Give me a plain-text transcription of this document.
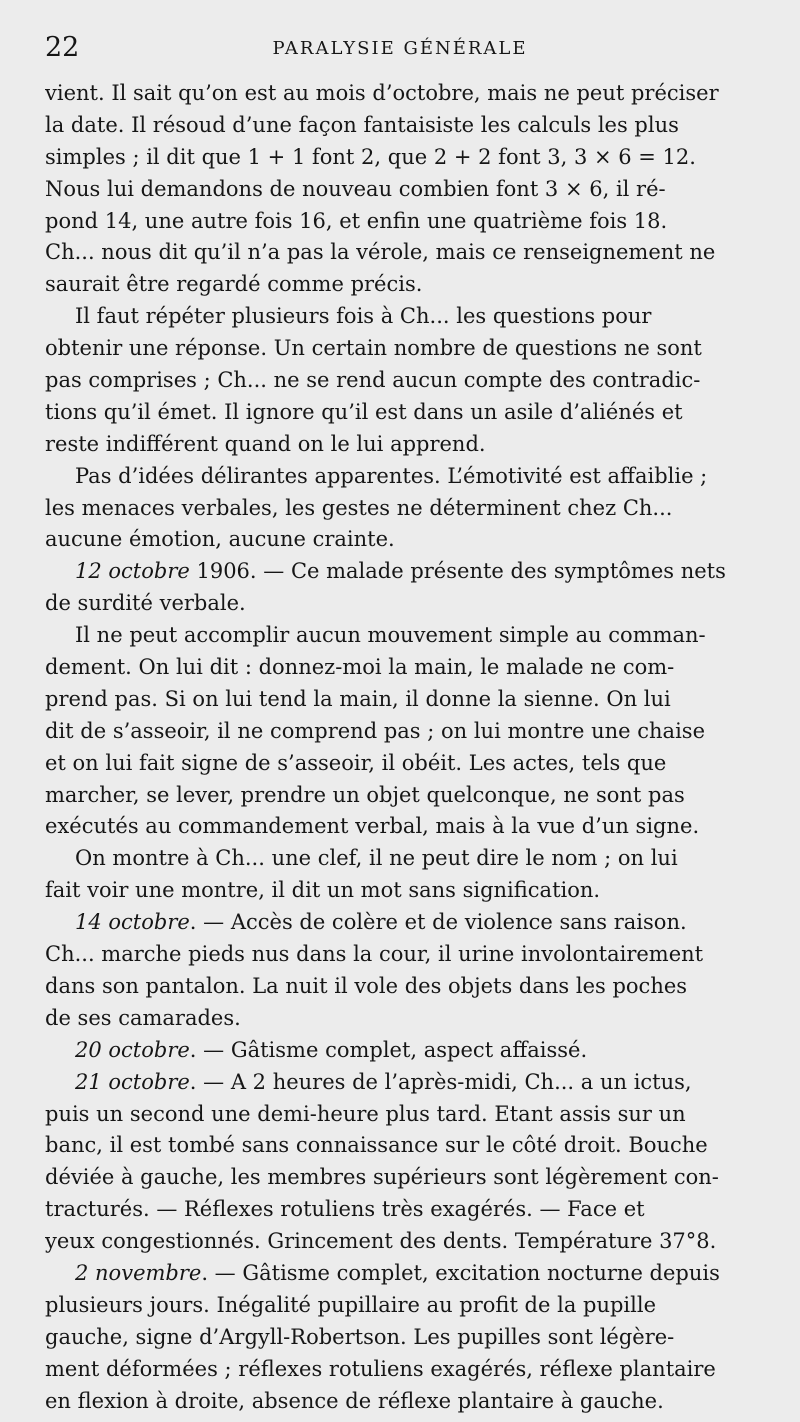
22	PARALYSIE GÉNÉRALE
vient. Il sait qu’on est au mois d’octobre, mais ne peut préciser
la date. Il résoud d’une façon fantaisiste les calculs les plus
simples ; il dit que 1 + 1 font 2, que 2 + 2 font 3, 3 × 6 = 12.
Nous lui demandons de nouveau combien font 3 × 6, il ré-
pond 14, une autre fois 16, et enfin une quatrième fois 18.
Ch... nous dit qu’il n’a pas la vérole, mais ce renseignement ne
saurait être regardé comme précis.
Il faut répéter plusieurs fois à Ch... les questions pour
obtenir une réponse. Un certain nombre de questions ne sont
pas comprises ; Ch... ne se rend aucun compte des contradic-
tions qu’il émet. Il ignore qu’il est dans un asile d’aliénés et
reste indifférent quand on le lui apprend.
Pas d’idées délirantes apparentes. L’émotivité est affaiblie ;
les menaces verbales, les gestes ne déterminent chez Ch...
aucune émotion, aucune crainte.
12 octobre 1906. — Ce malade présente des symptômes nets
de surdité verbale.
Il ne peut accomplir aucun mouvement simple au comman-
dement. On lui dit : donnez-moi la main, le malade ne com-
prend pas. Si on lui tend la main, il donne la sienne. On lui
dit de s’asseoir, il ne comprend pas ; on lui montre une chaise
et on lui fait signe de s’asseoir, il obéit. Les actes, tels que
marcher, se lever, prendre un objet quelconque, ne sont pas
exécutés au commandement verbal, mais à la vue d’un signe.
On montre à Ch... une clef, il ne peut dire le nom ; on lui
fait voir une montre, il dit un mot sans signification.
14 octobre. — Accès de colère et de violence sans raison.
Ch... marche pieds nus dans la cour, il urine involontairement
dans son pantalon. La nuit il vole des objets dans les poches
de ses camarades.
20 octobre. — Gâtisme complet, aspect affaissé.
21 octobre. — A 2 heures de l’après-midi, Ch... a un ictus,
puis un second une demi-heure plus tard. Etant assis sur un
banc, il est tombé sans connaissance sur le côté droit. Bouche
déviée à gauche, les membres supérieurs sont légèrement con-
tracturés. — Réflexes rotuliens très exagérés. — Face et
yeux congestionnés. Grincement des dents. Température 37°8.
2 novembre. — Gâtisme complet, excitation nocturne depuis
plusieurs jours. Inégalité pupillaire au profit de la pupille
gauche, signe d’Argyll-Robertson. Les pupilles sont légère-
ment déformées ; réflexes rotuliens exagérés, réflexe plantaire
en flexion à droite, absence de réflexe plantaire à gauche.
